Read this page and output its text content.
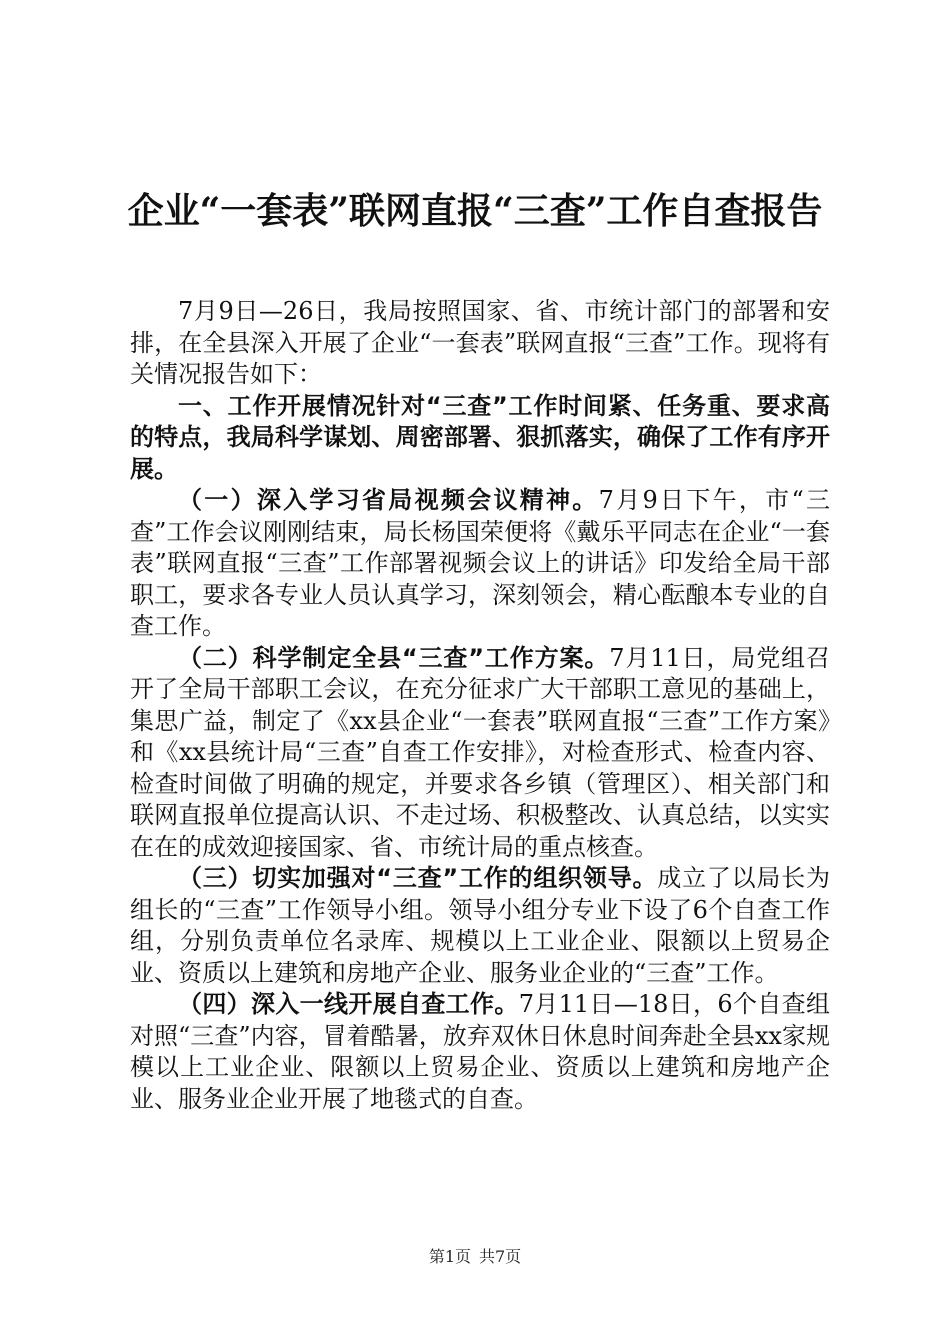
企业“一套表”联网直报“三查”工作自查报告

7月9日—26日，我局按照国家、省、市统计部门的部署和安排，在全县深入开展了企业“一套表”联网直报“三查”工作。现将有关情况报告如下：

一、工作开展情况针对“三查”工作时间紧、任务重、要求高的特点，我局科学谋划、周密部署、狠抓落实，确保了工作有序开展。

（一）深入学习省局视频会议精神。7月9日下午，市“三查”工作会议刚刚结束，局长杨国荣便将《戴乐平同志在企业“一套表”联网直报“三查”工作部署视频会议上的讲话》印发给全局干部职工，要求各专业人员认真学习，深刻领会，精心酝酿本专业的自查工作。

（二）科学制定全县“三查”工作方案。7月11日，局党组召开了全局干部职工会议，在充分征求广大干部职工意见的基础上，集思广益，制定了《xx县企业“一套表”联网直报“三查”工作方案》和《xx县统计局“三查”自查工作安排》，对检查形式、检查内容、检查时间做了明确的规定，并要求各乡镇（管理区）、相关部门和联网直报单位提高认识、不走过场、积极整改、认真总结，以实实在在的成效迎接国家、省、市统计局的重点核查。

（三）切实加强对“三查”工作的组织领导。成立了以局长为组长的“三查”工作领导小组。领导小组分专业下设了6个自查工作组，分别负责单位名录库、规模以上工业企业、限额以上贸易企业、资质以上建筑和房地产企业、服务业企业的“三查”工作。

（四）深入一线开展自查工作。7月11日—18日，6个自查组对照“三查”内容，冒着酷暑，放弃双休日休息时间奔赴全县xx家规模以上工业企业、限额以上贸易企业、资质以上建筑和房地产企业、服务业企业开展了地毯式的自查。

第1页 共7页
